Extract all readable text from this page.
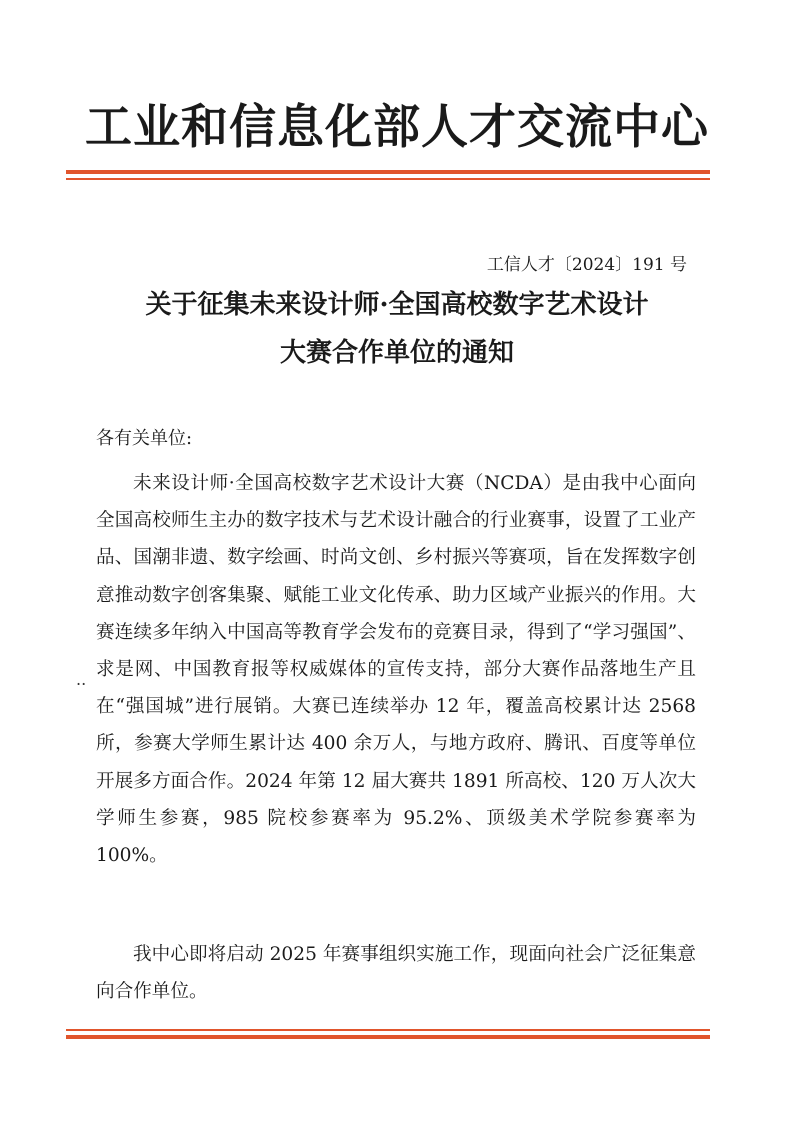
工业和信息化部人才交流中心
工信人才〔2024〕191 号
关于征集未来设计师·全国高校数字艺术设计
大赛合作单位的通知
各有关单位:
..
未来设计师·全国高校数字艺术设计大赛（NCDA）是由我中心面向全国高校师生主办的数字技术与艺术设计融合的行业赛事，设置了工业产品、国潮非遗、数字绘画、时尚文创、乡村振兴等赛项，旨在发挥数字创意推动数字创客集聚、赋能工业文化传承、助力区域产业振兴的作用。大赛连续多年纳入中国高等教育学会发布的竞赛目录，得到了“学习强国”、求是网、中国教育报等权威媒体的宣传支持，部分大赛作品落地生产且在“强国城”进行展销。大赛已连续举办 12 年，覆盖高校累计达 2568 所，参赛大学师生累计达 400 余万人，与地方政府、腾讯、百度等单位开展多方面合作。2024 年第 12 届大赛共 1891 所高校、120 万人次大学师生参赛，985 院校参赛率为 95.2%、顶级美术学院参赛率为 100%。
我中心即将启动 2025 年赛事组织实施工作，现面向社会广泛征集意向合作单位。
